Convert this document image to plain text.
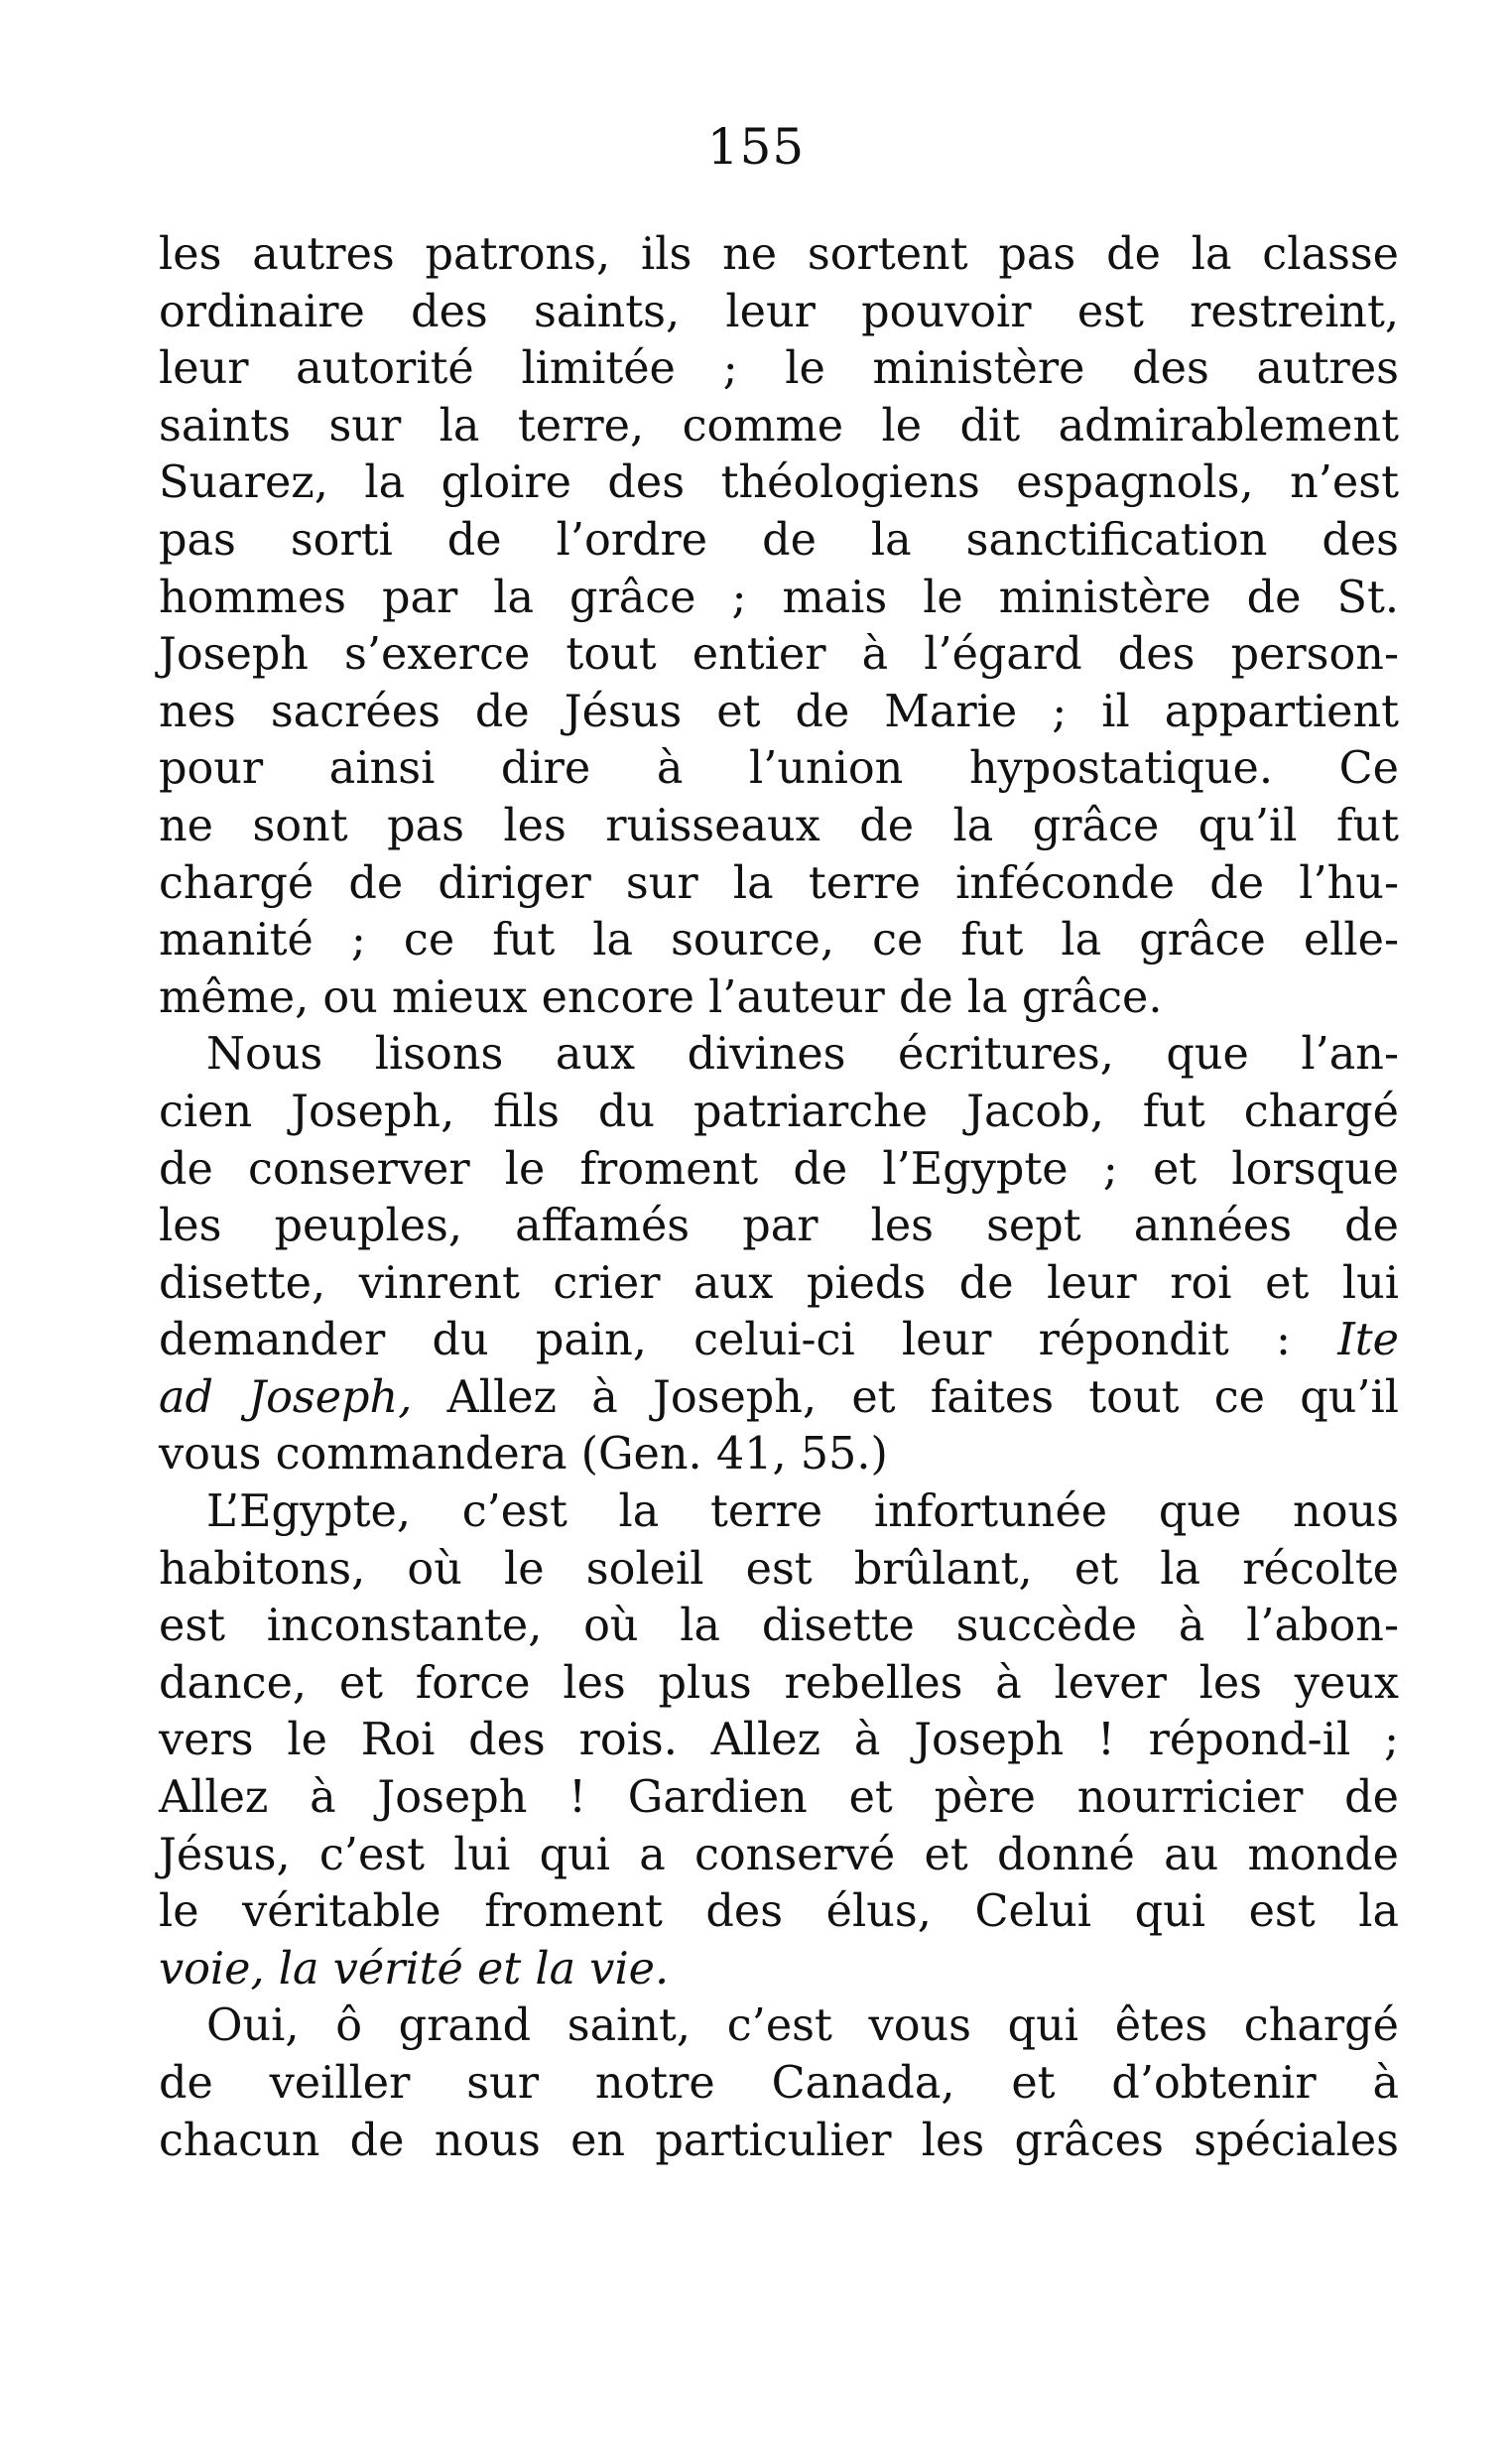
155
les autres patrons, ils ne sortent pas de la classe
ordinaire des saints, leur pouvoir est restreint,
leur autorité limitée ; le ministère des autres
saints sur la terre, comme le dit admirablement
Suarez, la gloire des théologiens espagnols, n’est
pas sorti de l’ordre de la sanctification des
hommes par la grâce ; mais le ministère de St.
Joseph s’exerce tout entier à l’égard des person-
nes sacrées de Jésus et de Marie ; il appartient
pour ainsi dire à l’union hypostatique. Ce
ne sont pas les ruisseaux de la grâce qu’il fut
chargé de diriger sur la terre inféconde de l’hu-
manité ; ce fut la source, ce fut la grâce elle-
même, ou mieux encore l’auteur de la grâce.
Nous lisons aux divines écritures, que l’an-
cien Joseph, fils du patriarche Jacob, fut chargé
de conserver le froment de l’Egypte ; et lorsque
les peuples, affamés par les sept années de
disette, vinrent crier aux pieds de leur roi et lui
demander du pain, celui-ci leur répondit : Ite
ad Joseph, Allez à Joseph, et faites tout ce qu’il
vous commandera (Gen. 41, 55.)
L’Egypte, c’est la terre infortunée que nous
habitons, où le soleil est brûlant, et la récolte
est inconstante, où la disette succède à l’abon-
dance, et force les plus rebelles à lever les yeux
vers le Roi des rois. Allez à Joseph ! répond-il ;
Allez à Joseph ! Gardien et père nourricier de
Jésus, c’est lui qui a conservé et donné au monde
le véritable froment des élus, Celui qui est la
voie, la vérité et la vie.
Oui, ô grand saint, c’est vous qui êtes chargé
de veiller sur notre Canada, et d’obtenir à
chacun de nous en particulier les grâces spéciales
